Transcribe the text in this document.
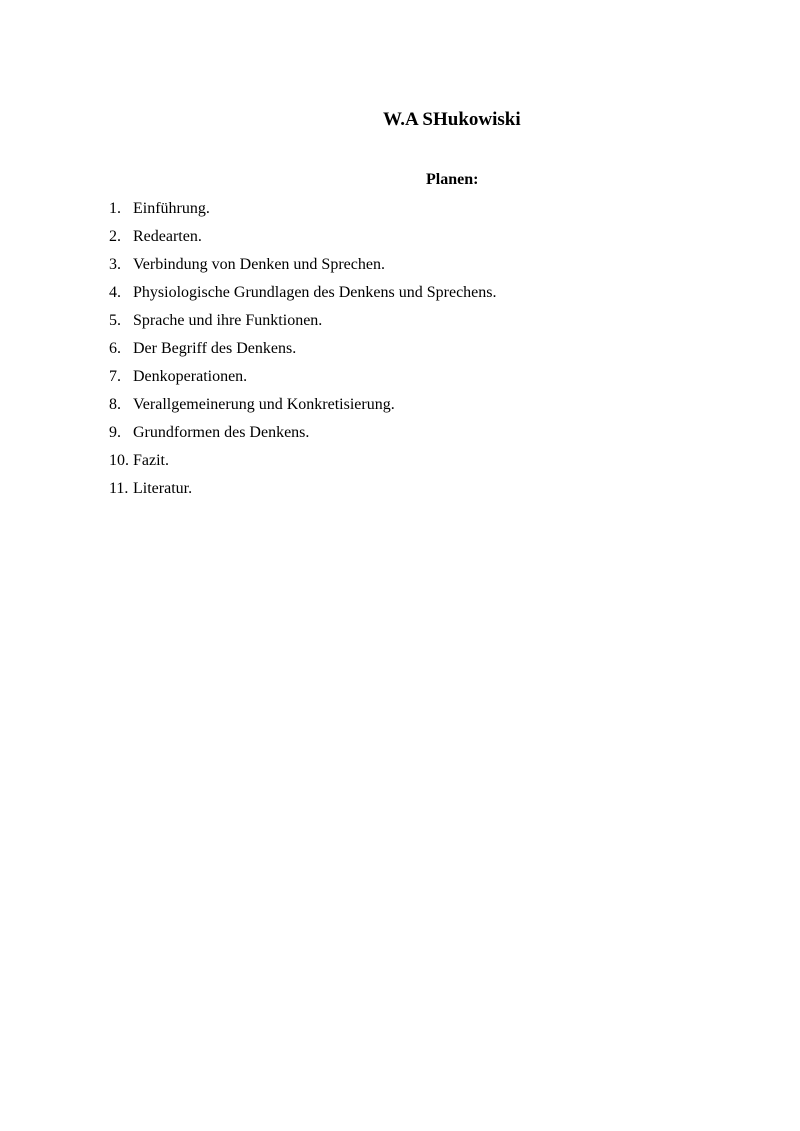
W.A SHukowiski
Planen:
1. Einführung.
2. Redearten.
3. Verbindung von Denken und Sprechen.
4. Physiologische Grundlagen des Denkens und Sprechens.
5. Sprache und ihre Funktionen.
6. Der Begriff des Denkens.
7. Denkoperationen.
8. Verallgemeinerung und Konkretisierung.
9. Grundformen des Denkens.
10. Fazit.
11. Literatur.
